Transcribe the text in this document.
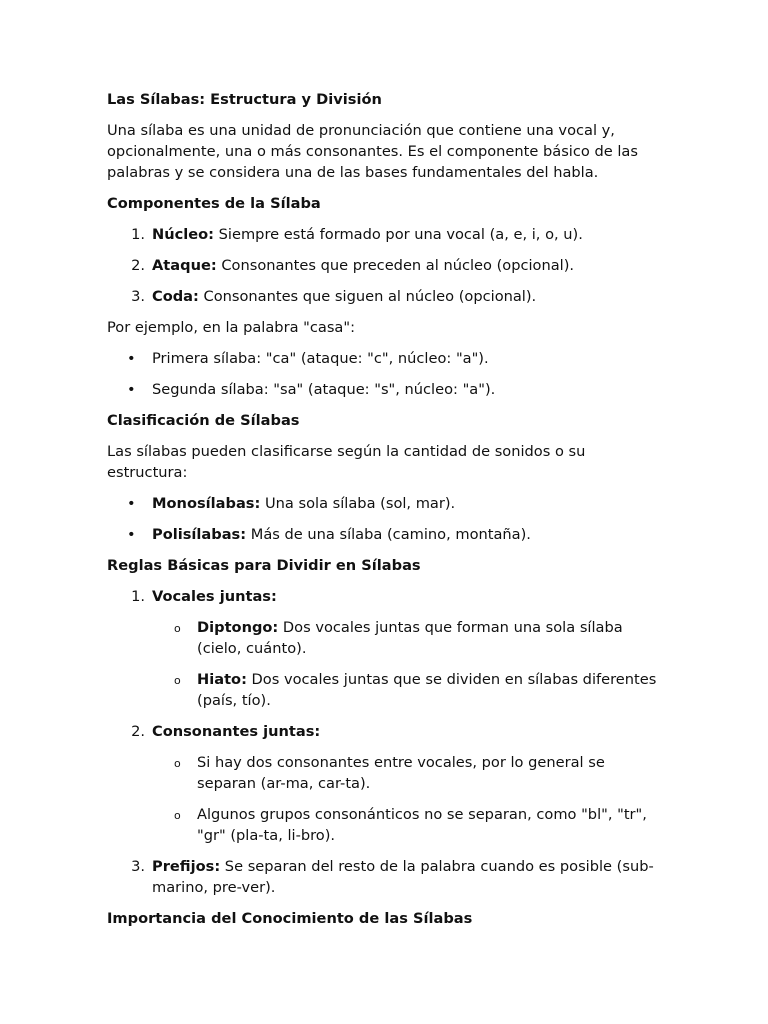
Las Sílabas: Estructura y División
Una sílaba es una unidad de pronunciación que contiene una vocal y, opcionalmente, una o más consonantes. Es el componente básico de las palabras y se considera una de las bases fundamentales del habla.
Componentes de la Sílaba
1. Núcleo: Siempre está formado por una vocal (a, e, i, o, u).
2. Ataque: Consonantes que preceden al núcleo (opcional).
3. Coda: Consonantes que siguen al núcleo (opcional).
Por ejemplo, en la palabra "casa":
• Primera sílaba: "ca" (ataque: "c", núcleo: "a").
• Segunda sílaba: "sa" (ataque: "s", núcleo: "a").
Clasificación de Sílabas
Las sílabas pueden clasificarse según la cantidad de sonidos o su estructura:
• Monosílabas: Una sola sílaba (sol, mar).
• Polisílabas: Más de una sílaba (camino, montaña).
Reglas Básicas para Dividir en Sílabas
1. Vocales juntas:
o Diptongo: Dos vocales juntas que forman una sola sílaba (cielo, cuánto).
o Hiato: Dos vocales juntas que se dividen en sílabas diferentes (país, tío).
2. Consonantes juntas:
o Si hay dos consonantes entre vocales, por lo general se separan (ar-ma, car-ta).
o Algunos grupos consonánticos no se separan, como "bl", "tr", "gr" (pla-ta, li-bro).
3. Prefijos: Se separan del resto de la palabra cuando es posible (sub-marino, pre-ver).
Importancia del Conocimiento de las Sílabas
